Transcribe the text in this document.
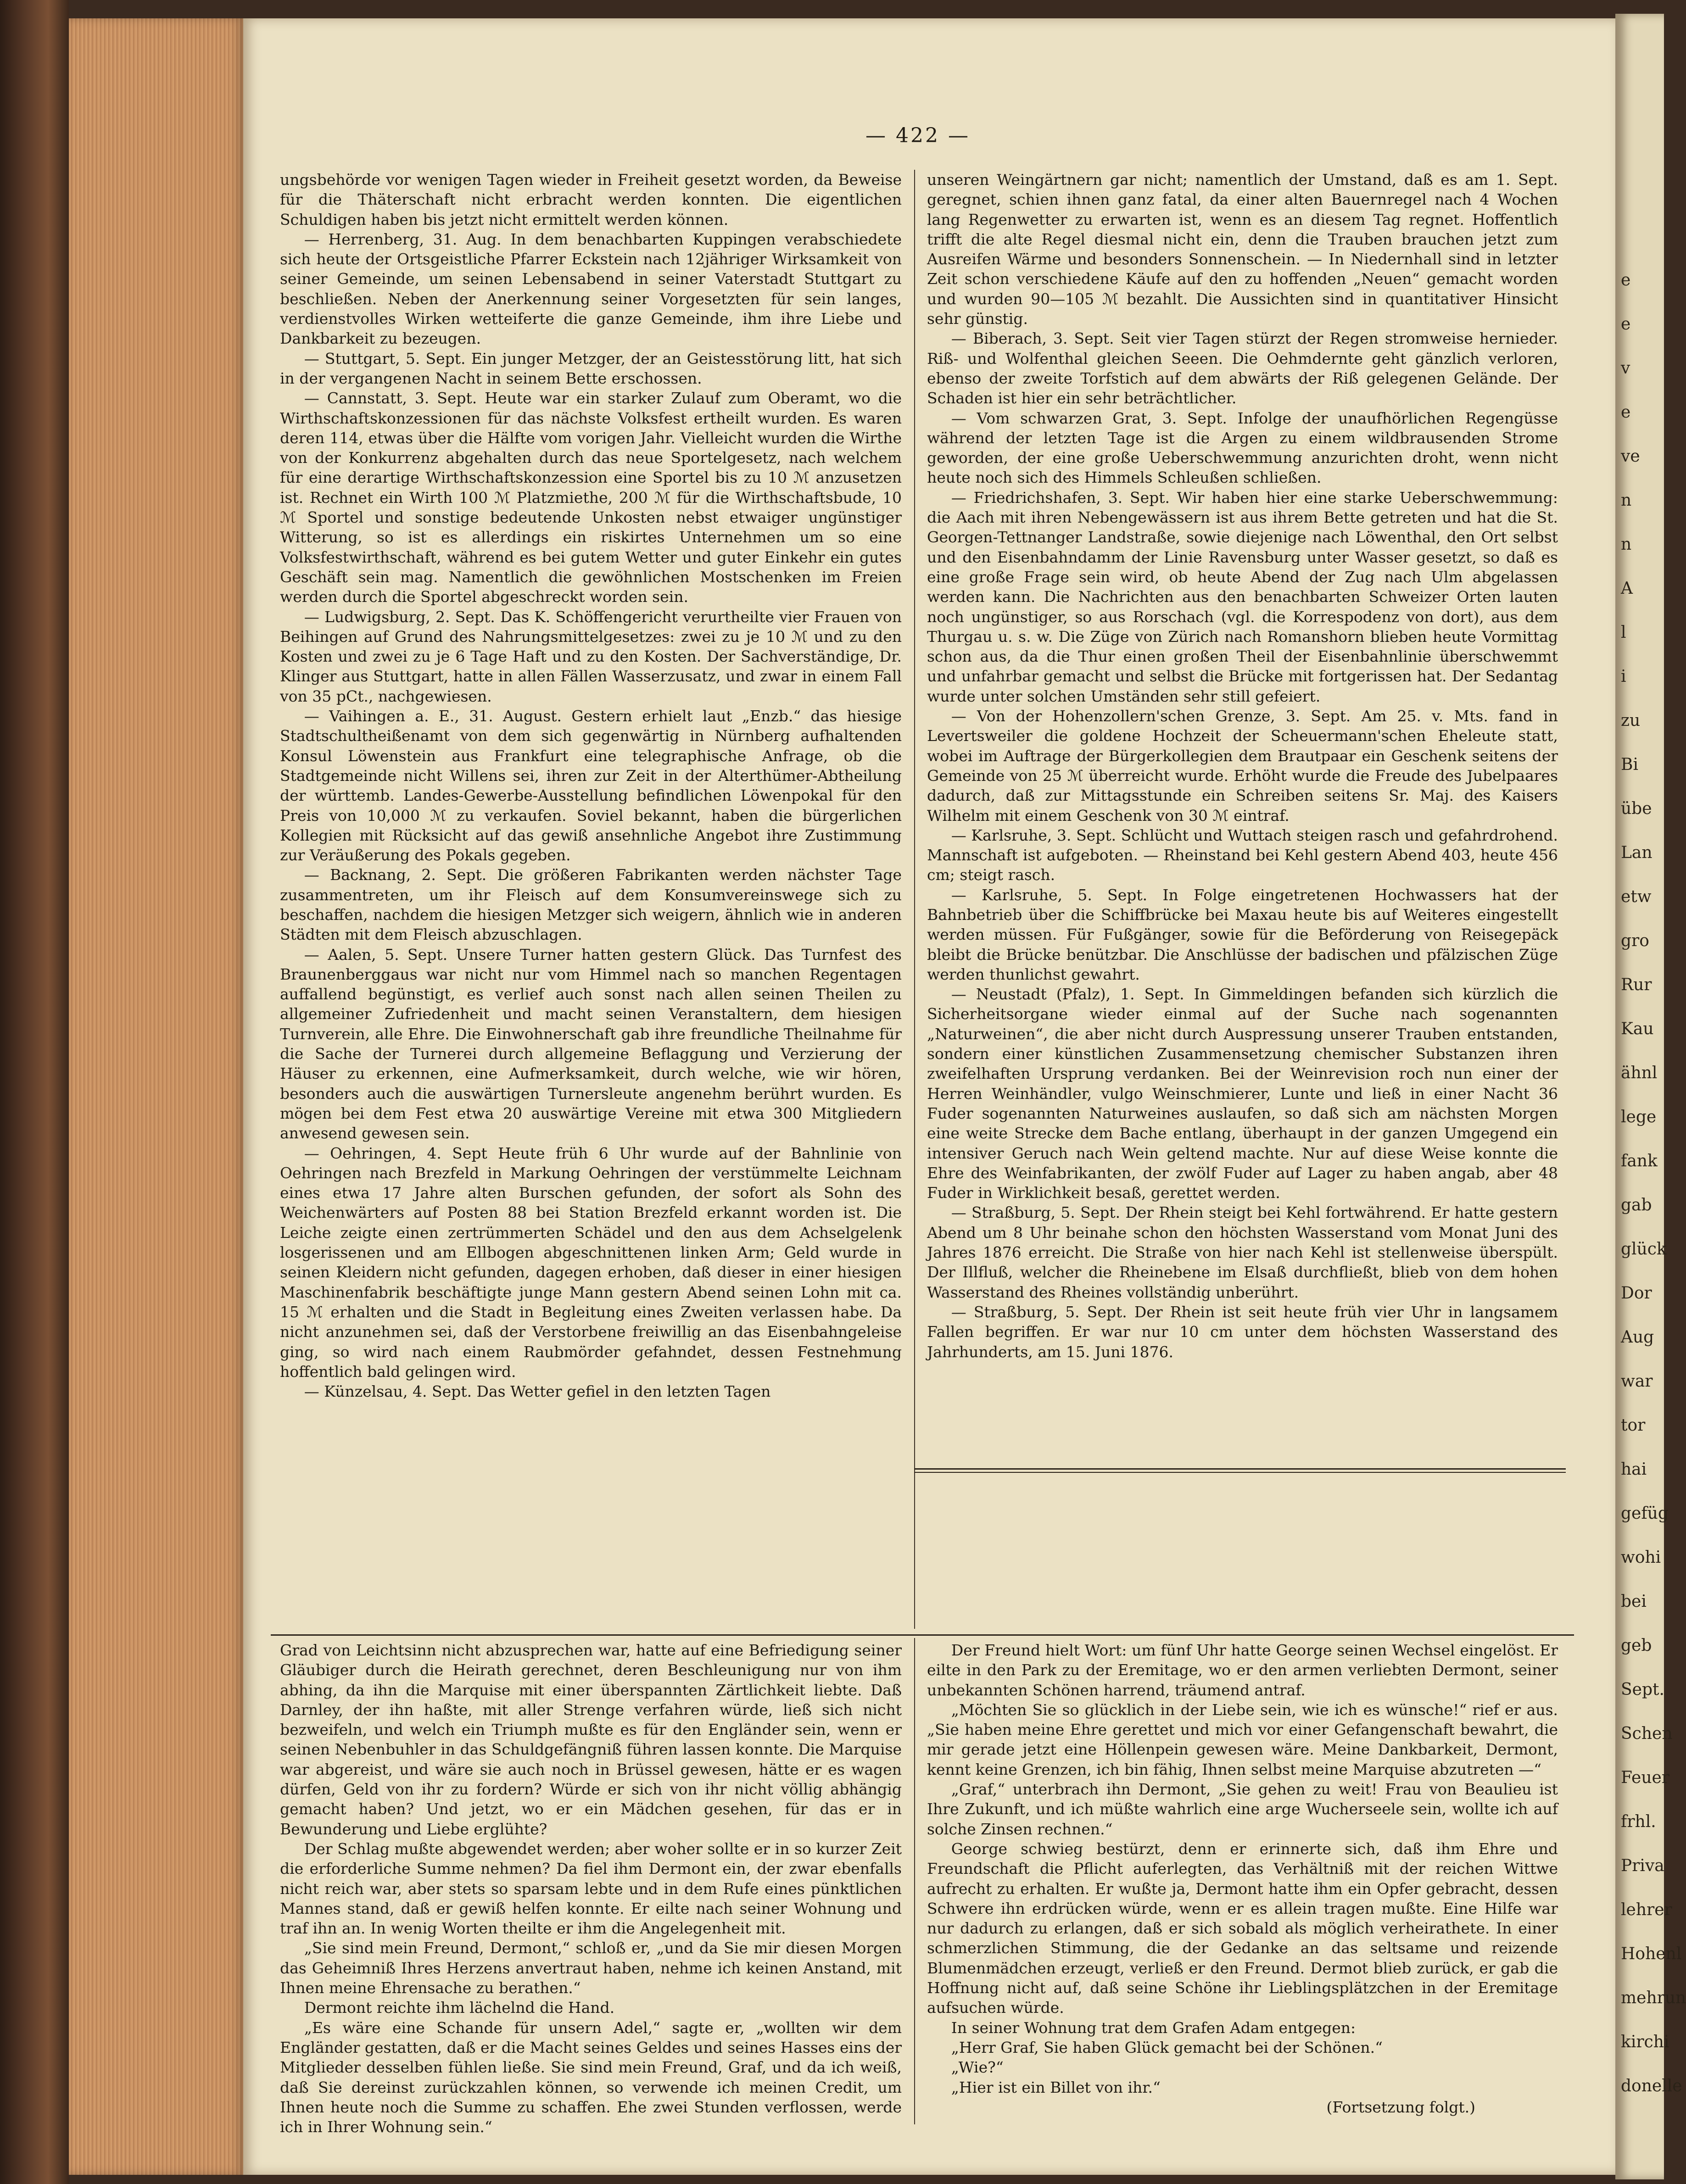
— 422 —

ungsbehörde vor wenigen Tagen wieder in Freiheit gesetzt worden, da Beweise für die Thäterschaft nicht erbracht werden konnten. Die eigentlichen Schuldigen haben bis jetzt nicht ermittelt werden können.

— Herrenberg, 31. Aug. In dem benachbarten Kuppingen verabschiedete sich heute der Ortsgeistliche Pfarrer Eckstein nach 12jähriger Wirksamkeit von seiner Gemeinde, um seinen Lebensabend in seiner Vaterstadt Stuttgart zu beschließen. Neben der Anerkennung seiner Vorgesetzten für sein langes, verdienstvolles Wirken wetteiferte die ganze Gemeinde, ihm ihre Liebe und Dankbarkeit zu bezeugen.

— Stuttgart, 5. Sept. Ein junger Metzger, der an Geistesstörung litt, hat sich in der vergangenen Nacht in seinem Bette erschossen.

— Cannstatt, 3. Sept. Heute war ein starker Zulauf zum Oberamt, wo die Wirthschaftskonzessionen für das nächste Volksfest ertheilt wurden. Es waren deren 114, etwas über die Hälfte vom vorigen Jahr. Vielleicht wurden die Wirthe von der Konkurrenz abgehalten durch das neue Sportelgesetz, nach welchem für eine derartige Wirthschaftskonzession eine Sportel bis zu 10 ℳ anzusetzen ist. Rechnet ein Wirth 100 ℳ Platzmiethe, 200 ℳ für die Wirthschaftsbude, 10 ℳ Sportel und sonstige bedeutende Unkosten nebst etwaiger ungünstiger Witterung, so ist es allerdings ein riskirtes Unternehmen um so eine Volksfestwirthschaft, während es bei gutem Wetter und guter Einkehr ein gutes Geschäft sein mag. Namentlich die gewöhnlichen Mostschenken im Freien werden durch die Sportel abgeschreckt worden sein.

— Ludwigsburg, 2. Sept. Das K. Schöffengericht verurtheilte vier Frauen von Beihingen auf Grund des Nahrungsmittelgesetzes: zwei zu je 10 ℳ und zu den Kosten und zwei zu je 6 Tage Haft und zu den Kosten. Der Sachverständige, Dr. Klinger aus Stuttgart, hatte in allen Fällen Wasserzusatz, und zwar in einem Fall von 35 pCt., nachgewiesen.

— Vaihingen a. E., 31. August. Gestern erhielt laut „Enzb.“ das hiesige Stadtschultheißenamt von dem sich gegenwärtig in Nürnberg aufhaltenden Konsul Löwenstein aus Frankfurt eine telegraphische Anfrage, ob die Stadtgemeinde nicht Willens sei, ihren zur Zeit in der Alterthümer-Abtheilung der württemb. Landes-Gewerbe-Ausstellung befindlichen Löwenpokal für den Preis von 10,000 ℳ zu verkaufen. Soviel bekannt, haben die bürgerlichen Kollegien mit Rücksicht auf das gewiß ansehnliche Angebot ihre Zustimmung zur Veräußerung des Pokals gegeben.

— Backnang, 2. Sept. Die größeren Fabrikanten werden nächster Tage zusammentreten, um ihr Fleisch auf dem Konsumvereinswege sich zu beschaffen, nachdem die hiesigen Metzger sich weigern, ähnlich wie in anderen Städten mit dem Fleisch abzuschlagen.

— Aalen, 5. Sept. Unsere Turner hatten gestern Glück. Das Turnfest des Braunenberggaus war nicht nur vom Himmel nach so manchen Regentagen auffallend begünstigt, es verlief auch sonst nach allen seinen Theilen zu allgemeiner Zufriedenheit und macht seinen Veranstaltern, dem hiesigen Turnverein, alle Ehre. Die Einwohnerschaft gab ihre freundliche Theilnahme für die Sache der Turnerei durch allgemeine Beflaggung und Verzierung der Häuser zu erkennen, eine Aufmerksamkeit, durch welche, wie wir hören, besonders auch die auswärtigen Turnersleute angenehm berührt wurden. Es mögen bei dem Fest etwa 20 auswärtige Vereine mit etwa 300 Mitgliedern anwesend gewesen sein.

— Oehringen, 4. Sept Heute früh 6 Uhr wurde auf der Bahnlinie von Oehringen nach Brezfeld in Markung Oehringen der verstümmelte Leichnam eines etwa 17 Jahre alten Burschen gefunden, der sofort als Sohn des Weichenwärters auf Posten 88 bei Station Brezfeld erkannt worden ist. Die Leiche zeigte einen zertrümmerten Schädel und den aus dem Achselgelenk losgerissenen und am Ellbogen abgeschnittenen linken Arm; Geld wurde in seinen Kleidern nicht gefunden, dagegen erhoben, daß dieser in einer hiesigen Maschinenfabrik beschäftigte junge Mann gestern Abend seinen Lohn mit ca. 15 ℳ erhalten und die Stadt in Begleitung eines Zweiten verlassen habe. Da nicht anzunehmen sei, daß der Verstorbene freiwillig an das Eisenbahngeleise ging, so wird nach einem Raubmörder gefahndet, dessen Festnehmung hoffentlich bald gelingen wird.

— Künzelsau, 4. Sept. Das Wetter gefiel in den letzten Tagen

unseren Weingärtnern gar nicht; namentlich der Umstand, daß es am 1. Sept. geregnet, schien ihnen ganz fatal, da einer alten Bauernregel nach 4 Wochen lang Regenwetter zu erwarten ist, wenn es an diesem Tag regnet. Hoffentlich trifft die alte Regel diesmal nicht ein, denn die Trauben brauchen jetzt zum Ausreifen Wärme und besonders Sonnenschein. — In Niedernhall sind in letzter Zeit schon verschiedene Käufe auf den zu hoffenden „Neuen“ gemacht worden und wurden 90—105 ℳ bezahlt. Die Aussichten sind in quantitativer Hinsicht sehr günstig.

— Biberach, 3. Sept. Seit vier Tagen stürzt der Regen stromweise hernieder. Riß- und Wolfenthal gleichen Seeen. Die Oehmdernte geht gänzlich verloren, ebenso der zweite Torfstich auf dem abwärts der Riß gelegenen Gelände. Der Schaden ist hier ein sehr beträchtlicher.

— Vom schwarzen Grat, 3. Sept. Infolge der unaufhörlichen Regengüsse während der letzten Tage ist die Argen zu einem wildbrausenden Strome geworden, der eine große Ueberschwemmung anzurichten droht, wenn nicht heute noch sich des Himmels Schleußen schließen.

— Friedrichshafen, 3. Sept. Wir haben hier eine starke Ueberschwemmung: die Aach mit ihren Nebengewässern ist aus ihrem Bette getreten und hat die St. Georgen-Tettnanger Landstraße, sowie diejenige nach Löwenthal, den Ort selbst und den Eisenbahndamm der Linie Ravensburg unter Wasser gesetzt, so daß es eine große Frage sein wird, ob heute Abend der Zug nach Ulm abgelassen werden kann. Die Nachrichten aus den benachbarten Schweizer Orten lauten noch ungünstiger, so aus Rorschach (vgl. die Korrespodenz von dort), aus dem Thurgau u. s. w. Die Züge von Zürich nach Romanshorn blieben heute Vormittag schon aus, da die Thur einen großen Theil der Eisenbahnlinie überschwemmt und unfahrbar gemacht und selbst die Brücke mit fortgerissen hat. Der Sedantag wurde unter solchen Umständen sehr still gefeiert.

— Von der Hohenzollern'schen Grenze, 3. Sept. Am 25. v. Mts. fand in Levertsweiler die goldene Hochzeit der Scheuermann'schen Eheleute statt, wobei im Auftrage der Bürgerkollegien dem Brautpaar ein Geschenk seitens der Gemeinde von 25 ℳ überreicht wurde. Erhöht wurde die Freude des Jubelpaares dadurch, daß zur Mittagsstunde ein Schreiben seitens Sr. Maj. des Kaisers Wilhelm mit einem Geschenk von 30 ℳ eintraf.

— Karlsruhe, 3. Sept. Schlücht und Wuttach steigen rasch und gefahrdrohend. Mannschaft ist aufgeboten. — Rheinstand bei Kehl gestern Abend 403, heute 456 cm; steigt rasch.

— Karlsruhe, 5. Sept. In Folge eingetretenen Hochwassers hat der Bahnbetrieb über die Schiffbrücke bei Maxau heute bis auf Weiteres eingestellt werden müssen. Für Fußgänger, sowie für die Beförderung von Reisegepäck bleibt die Brücke benützbar. Die Anschlüsse der badischen und pfälzischen Züge werden thunlichst gewahrt.

— Neustadt (Pfalz), 1. Sept. In Gimmeldingen befanden sich kürzlich die Sicherheitsorgane wieder einmal auf der Suche nach sogenannten „Naturweinen“, die aber nicht durch Auspressung unserer Trauben entstanden, sondern einer künstlichen Zusammensetzung chemischer Substanzen ihren zweifelhaften Ursprung verdanken. Bei der Weinrevision roch nun einer der Herren Weinhändler, vulgo Weinschmierer, Lunte und ließ in einer Nacht 36 Fuder sogenannten Naturweines auslaufen, so daß sich am nächsten Morgen eine weite Strecke dem Bache entlang, überhaupt in der ganzen Umgegend ein intensiver Geruch nach Wein geltend machte. Nur auf diese Weise konnte die Ehre des Weinfabrikanten, der zwölf Fuder auf Lager zu haben angab, aber 48 Fuder in Wirklichkeit besaß, gerettet werden.

— Straßburg, 5. Sept. Der Rhein steigt bei Kehl fortwährend. Er hatte gestern Abend um 8 Uhr beinahe schon den höchsten Wasserstand vom Monat Juni des Jahres 1876 erreicht. Die Straße von hier nach Kehl ist stellenweise überspült. Der Illfluß, welcher die Rheinebene im Elsaß durchfließt, blieb von dem hohen Wasserstand des Rheines vollständig unberührt.

— Straßburg, 5. Sept. Der Rhein ist seit heute früh vier Uhr in langsamem Fallen begriffen. Er war nur 10 cm unter dem höchsten Wasserstand des Jahrhunderts, am 15. Juni 1876.

Grad von Leichtsinn nicht abzusprechen war, hatte auf eine Befriedigung seiner Gläubiger durch die Heirath gerechnet, deren Beschleunigung nur von ihm abhing, da ihn die Marquise mit einer überspannten Zärtlichkeit liebte. Daß Darnley, der ihn haßte, mit aller Strenge verfahren würde, ließ sich nicht bezweifeln, und welch ein Triumph mußte es für den Engländer sein, wenn er seinen Nebenbuhler in das Schuldgefängniß führen lassen konnte. Die Marquise war abgereist, und wäre sie auch noch in Brüssel gewesen, hätte er es wagen dürfen, Geld von ihr zu fordern? Würde er sich von ihr nicht völlig abhängig gemacht haben? Und jetzt, wo er ein Mädchen gesehen, für das er in Bewunderung und Liebe erglühte?

Der Schlag mußte abgewendet werden; aber woher sollte er in so kurzer Zeit die erforderliche Summe nehmen? Da fiel ihm Dermont ein, der zwar ebenfalls nicht reich war, aber stets so sparsam lebte und in dem Rufe eines pünktlichen Mannes stand, daß er gewiß helfen konnte. Er eilte nach seiner Wohnung und traf ihn an. In wenig Worten theilte er ihm die Angelegenheit mit.

„Sie sind mein Freund, Dermont,“ schloß er, „und da Sie mir diesen Morgen das Geheimniß Ihres Herzens anvertraut haben, nehme ich keinen Anstand, mit Ihnen meine Ehrensache zu berathen.“

Dermont reichte ihm lächelnd die Hand.

„Es wäre eine Schande für unsern Adel,“ sagte er, „wollten wir dem Engländer gestatten, daß er die Macht seines Geldes und seines Hasses eins der Mitglieder desselben fühlen ließe. Sie sind mein Freund, Graf, und da ich weiß, daß Sie dereinst zurückzahlen können, so verwende ich meinen Credit, um Ihnen heute noch die Summe zu schaffen. Ehe zwei Stunden verflossen, werde ich in Ihrer Wohnung sein.“

Der Freund hielt Wort: um fünf Uhr hatte George seinen Wechsel eingelöst. Er eilte in den Park zu der Eremitage, wo er den armen verliebten Dermont, seiner unbekannten Schönen harrend, träumend antraf.

„Möchten Sie so glücklich in der Liebe sein, wie ich es wünsche!“ rief er aus. „Sie haben meine Ehre gerettet und mich vor einer Gefangenschaft bewahrt, die mir gerade jetzt eine Höllenpein gewesen wäre. Meine Dankbarkeit, Dermont, kennt keine Grenzen, ich bin fähig, Ihnen selbst meine Marquise abzutreten —“

„Graf,“ unterbrach ihn Dermont, „Sie gehen zu weit! Frau von Beaulieu ist Ihre Zukunft, und ich müßte wahrlich eine arge Wucherseele sein, wollte ich auf solche Zinsen rechnen.“

George schwieg bestürzt, denn er erinnerte sich, daß ihm Ehre und Freundschaft die Pflicht auferlegten, das Verhältniß mit der reichen Wittwe aufrecht zu erhalten. Er wußte ja, Dermont hatte ihm ein Opfer gebracht, dessen Schwere ihn erdrücken würde, wenn er es allein tragen mußte. Eine Hilfe war nur dadurch zu erlangen, daß er sich sobald als möglich verheirathete. In einer schmerzlichen Stimmung, die der Gedanke an das seltsame und reizende Blumenmädchen erzeugt, verließ er den Freund. Dermot blieb zurück, er gab die Hoffnung nicht auf, daß seine Schöne ihr Lieblingsplätzchen in der Eremitage aufsuchen würde.

In seiner Wohnung trat dem Grafen Adam entgegen:

„Herr Graf, Sie haben Glück gemacht bei der Schönen.“

„Wie?“

„Hier ist ein Billet von ihr.“

(Fortsetzung folgt.)

e
e
v
e
ve
n
n
A
l
i
zu
Bi
übe
Lan
etw
gro
Rur
Kau
ähnl
lege
fank
gab
glück
Dor
Aug
war
tor
hai
gefüg
wohi
bei
geb
Sept.
Schen
Feuer
frhl.
Priva
lehrer
Hohenl
mehrun
kirchi
donelle
